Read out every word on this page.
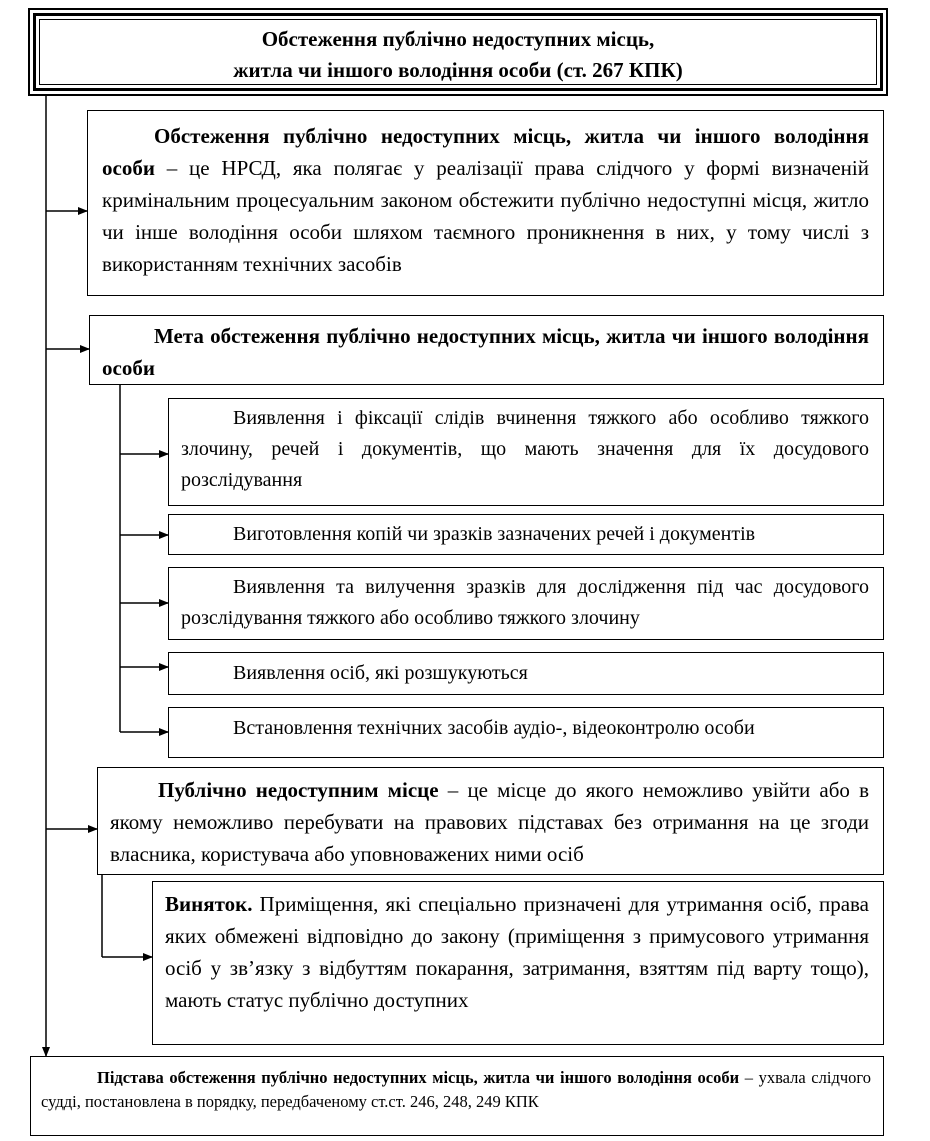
Обстеження публічно недоступних місць,
житла чи іншого володіння особи (ст. 267 КПК)

Обстеження публічно недоступних місць, житла чи іншого володіння особи – це НРСД, яка полягає у реалізації права слідчого у формі визначеній кримінальним процесуальним законом обстежити публічно недоступні місця, житло чи інше володіння особи шляхом таємного проникнення в них, у тому числі з використанням технічних засобів

Мета обстеження публічно недоступних місць, житла чи іншого володіння особи

Виявлення і фіксації слідів вчинення тяжкого або особливо тяжкого злочину, речей і документів, що мають значення для їх досудового розслідування

Виготовлення копій чи зразків зазначених речей і документів

Виявлення та вилучення зразків для дослідження під час досудового розслідування тяжкого або особливо тяжкого злочину

Виявлення осіб, які розшукуються

Встановлення технічних засобів аудіо-, відеоконтролю особи

Публічно недоступним місце – це місце до якого неможливо увійти або в якому неможливо перебувати на правових підставах без отримання на це згоди власника, користувача або уповноважених ними осіб

Виняток. Приміщення, які спеціально призначені для утримання осіб, права яких обмежені відповідно до закону (приміщення з примусового утримання осіб у зв’язку з відбуттям покарання, затримання, взяттям під варту тощо), мають статус публічно доступних

Підстава обстеження публічно недоступних місць, житла чи іншого володіння особи – ухвала слідчого судді, постановлена в порядку, передбаченому ст.ст. 246, 248, 249 КПК
